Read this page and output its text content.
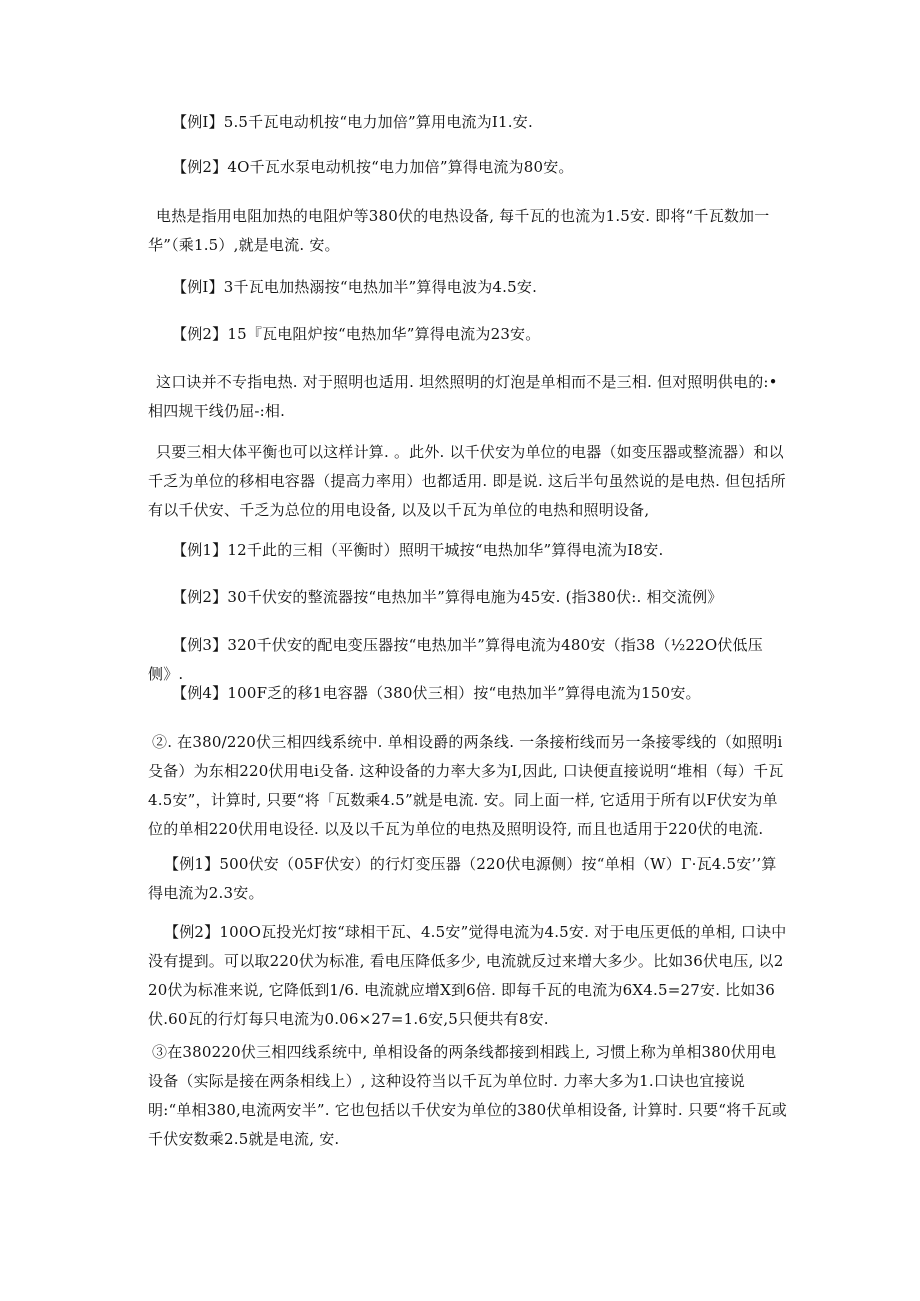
【例I】5.5千瓦电动机按“电力加倍”算用电流为I1.安.

【例2】4O千瓦水泵电动机按“电力加倍”算得电流为80安。

电热是指用电阻加热的电阻炉等380伏的电热设备, 每千瓦的也流为1.5安. 即将“千瓦数加一华”（乘1.5）,就是电流. 安。

【例I】3千瓦电加热溺按“电热加半”算得电波为4.5安.

【例2】15『瓦电阻炉按“电热加华”算得电流为23安。

这口诀并不专指电热. 对于照明也适用. 坦然照明的灯泡是单相而不是三相. 但对照明供电的:•相四规干线仍屈-:相.

只要三相大体平衡也可以这样计算. 。此外. 以千伏安为单位的电器（如变压器或整流器）和以千乏为单位的移相电容器（提高力率用）也都适用. 即是说. 这后半句虽然说的是电热. 但包括所有以千伏安、千乏为总位的用电设备, 以及以千瓦为单位的电热和照明设备,

【例1】12千此的三相（平衡时）照明干城按“电热加华”算得电流为I8安.

【例2】30千伏安的整流器按“电热加半”算得电施为45安. (指380伏:. 相交流例》

【例3】320千伏安的配电变压器按“电热加半”算得电流为480安（指38（½22O伏低压侧》.

【例4】100F乏的移1电容器（380伏三相）按“电热加半”算得电流为150安。

②. 在380/220伏三相四线系统中. 单相设爵的两条线. 一条接桁线而另一条接零线的（如照明i殳备）为东相220伏用电i殳备. 这种设备的力率大多为I,因此, 口诀便直接说明“堆相（每）千瓦4.5安”，计算时, 只要“将「瓦数乘4.5”就是电流. 安。同上面一样, 它适用于所有以F伏安为单位的单相220伏用电设径. 以及以千瓦为单位的电热及照明设符, 而且也适用于220伏的电流.

【例1】500伏安（05F伏安）的行灯变压器（220伏电源侧）按“单相（W）Γ·瓦4.5安’’算得电流为2.3安。

【例2】100O瓦投光灯按“球相干瓦、4.5安”觉得电流为4.5安. 对于电压更低的单相, 口诀中没有提到。可以取220伏为标准, 看电压降低多少, 电流就反过来增大多少。比如36伏电压, 以220伏为标准来说, 它降低到1/6. 电流就应增X到6倍. 即每千瓦的电流为6X4.5=27安. 比如36伏.60瓦的行灯每只电流为0.06×27=1.6安,5只便共有8安.

③在380220伏三相四线系统中, 单相设备的两条线都接到相践上, 习惯上称为单相380伏用电设备（实际是接在两条相线上）, 这种设符当以千瓦为单位时. 力率大多为1.口诀也宜接说明:“单相380,电流两安半”. 它也包括以千伏安为单位的380伏单相设备, 计算时. 只要“将千瓦或千伏安数乘2.5就是电流, 安.
